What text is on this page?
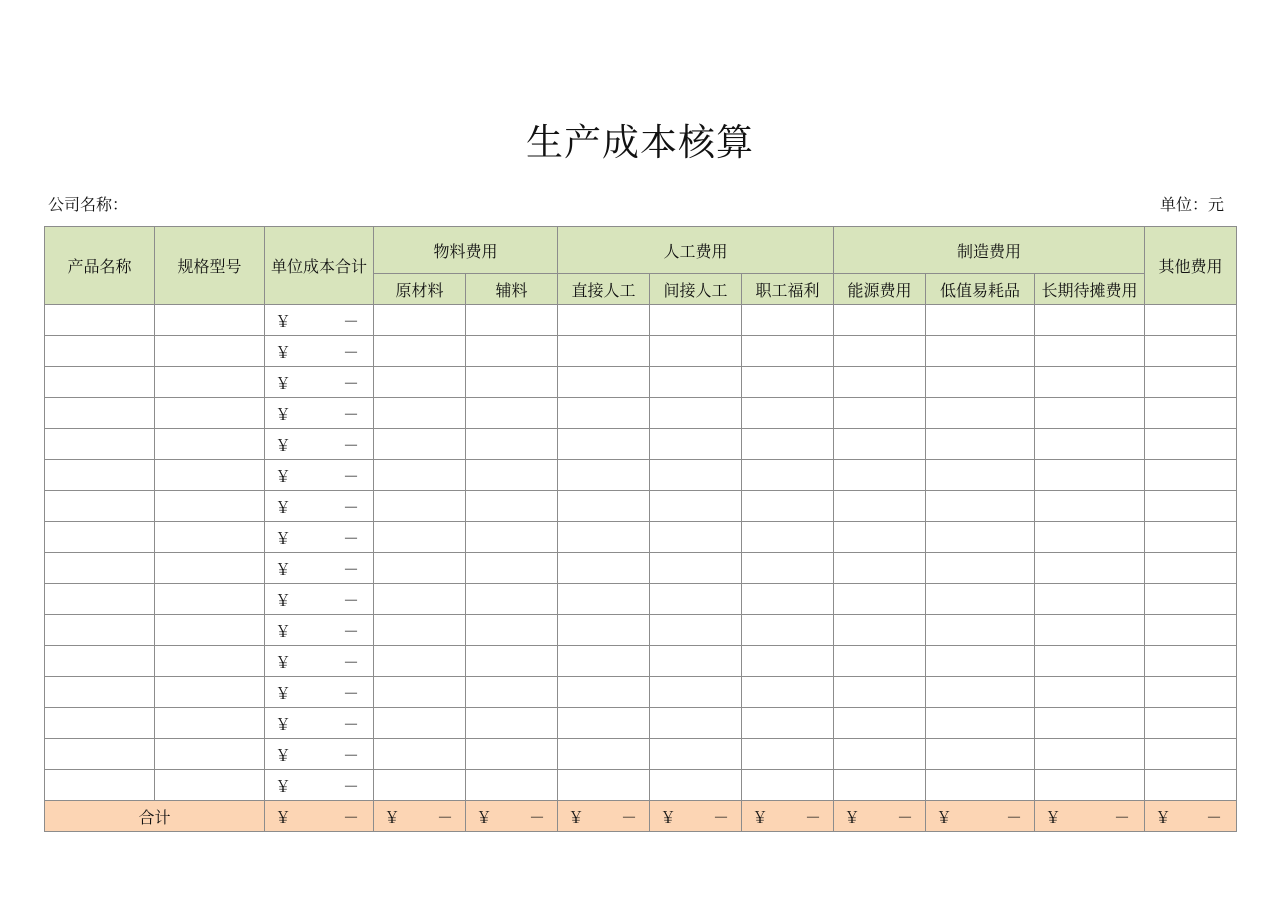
生产成本核算
公司名称：	单位：元
产品名称	规格型号	单位成本合计	物料费用		人工费用			制造费用			其他费用	
			原材料	辅料	直接人工	间接人工	职工福利	能源费用	低值易耗品	长期待摊费用		

		￥ －										

		￥ －										

		￥ －										

		￥ －										

		￥ －										

		￥ －										

		￥ －										

		￥ －										

		￥ －										

		￥ －										

		￥ －										

		￥ －										

		￥ －										

		￥ －										

		￥ －										

		￥ －										

合计		￥ －	￥ －	￥ －	￥ －	￥ －	￥ －	￥ －	￥ －	￥ －	￥ －
